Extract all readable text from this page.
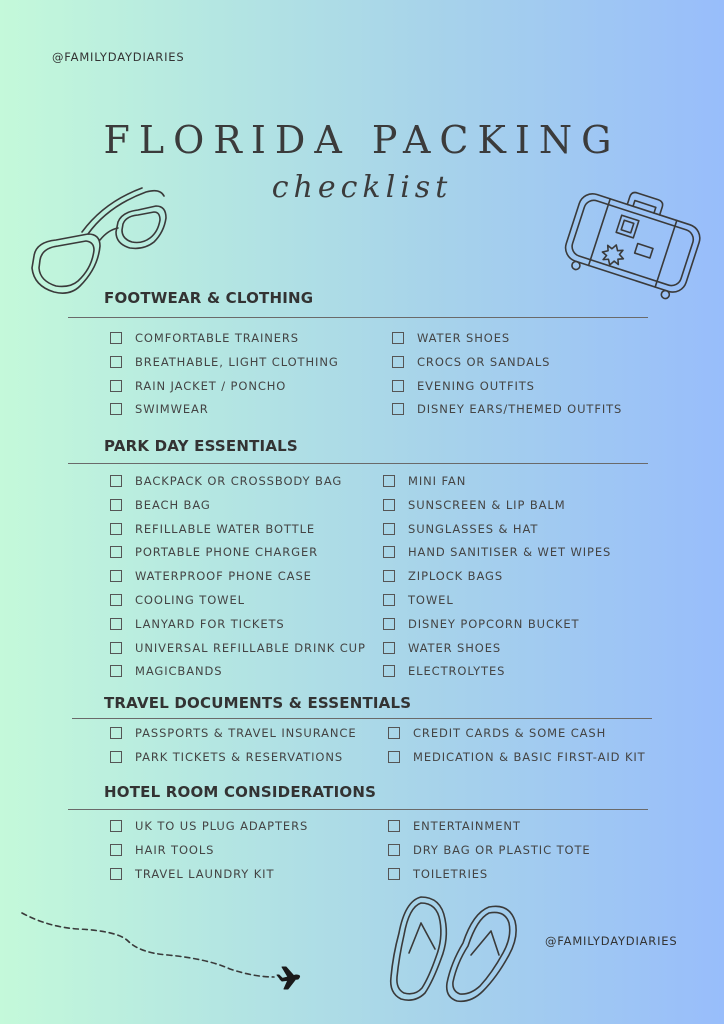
@FAMILYDAYDIARIES
FLORIDA PACKING
checklist
FOOTWEAR & CLOTHING
COMFORTABLE TRAINERS
BREATHABLE, LIGHT CLOTHING
RAIN JACKET / PONCHO
SWIMWEAR
WATER SHOES
CROCS OR SANDALS
EVENING OUTFITS
DISNEY EARS/THEMED OUTFITS
PARK DAY ESSENTIALS
BACKPACK OR CROSSBODY BAG
BEACH BAG
REFILLABLE WATER BOTTLE
PORTABLE PHONE CHARGER
WATERPROOF PHONE CASE
COOLING TOWEL
LANYARD FOR TICKETS
UNIVERSAL REFILLABLE DRINK CUP
MAGICBANDS
MINI FAN
SUNSCREEN & LIP BALM
SUNGLASSES & HAT
HAND SANITISER & WET WIPES
ZIPLOCK BAGS
TOWEL
DISNEY POPCORN BUCKET
WATER SHOES
ELECTROLYTES
TRAVEL DOCUMENTS & ESSENTIALS
PASSPORTS & TRAVEL INSURANCE
PARK TICKETS & RESERVATIONS
CREDIT CARDS & SOME CASH
MEDICATION & BASIC FIRST-AID KIT
HOTEL ROOM CONSIDERATIONS
UK TO US PLUG ADAPTERS
HAIR TOOLS
TRAVEL LAUNDRY KIT
ENTERTAINMENT
DRY BAG OR PLASTIC TOTE
TOILETRIES
@FAMILYDAYDIARIES
